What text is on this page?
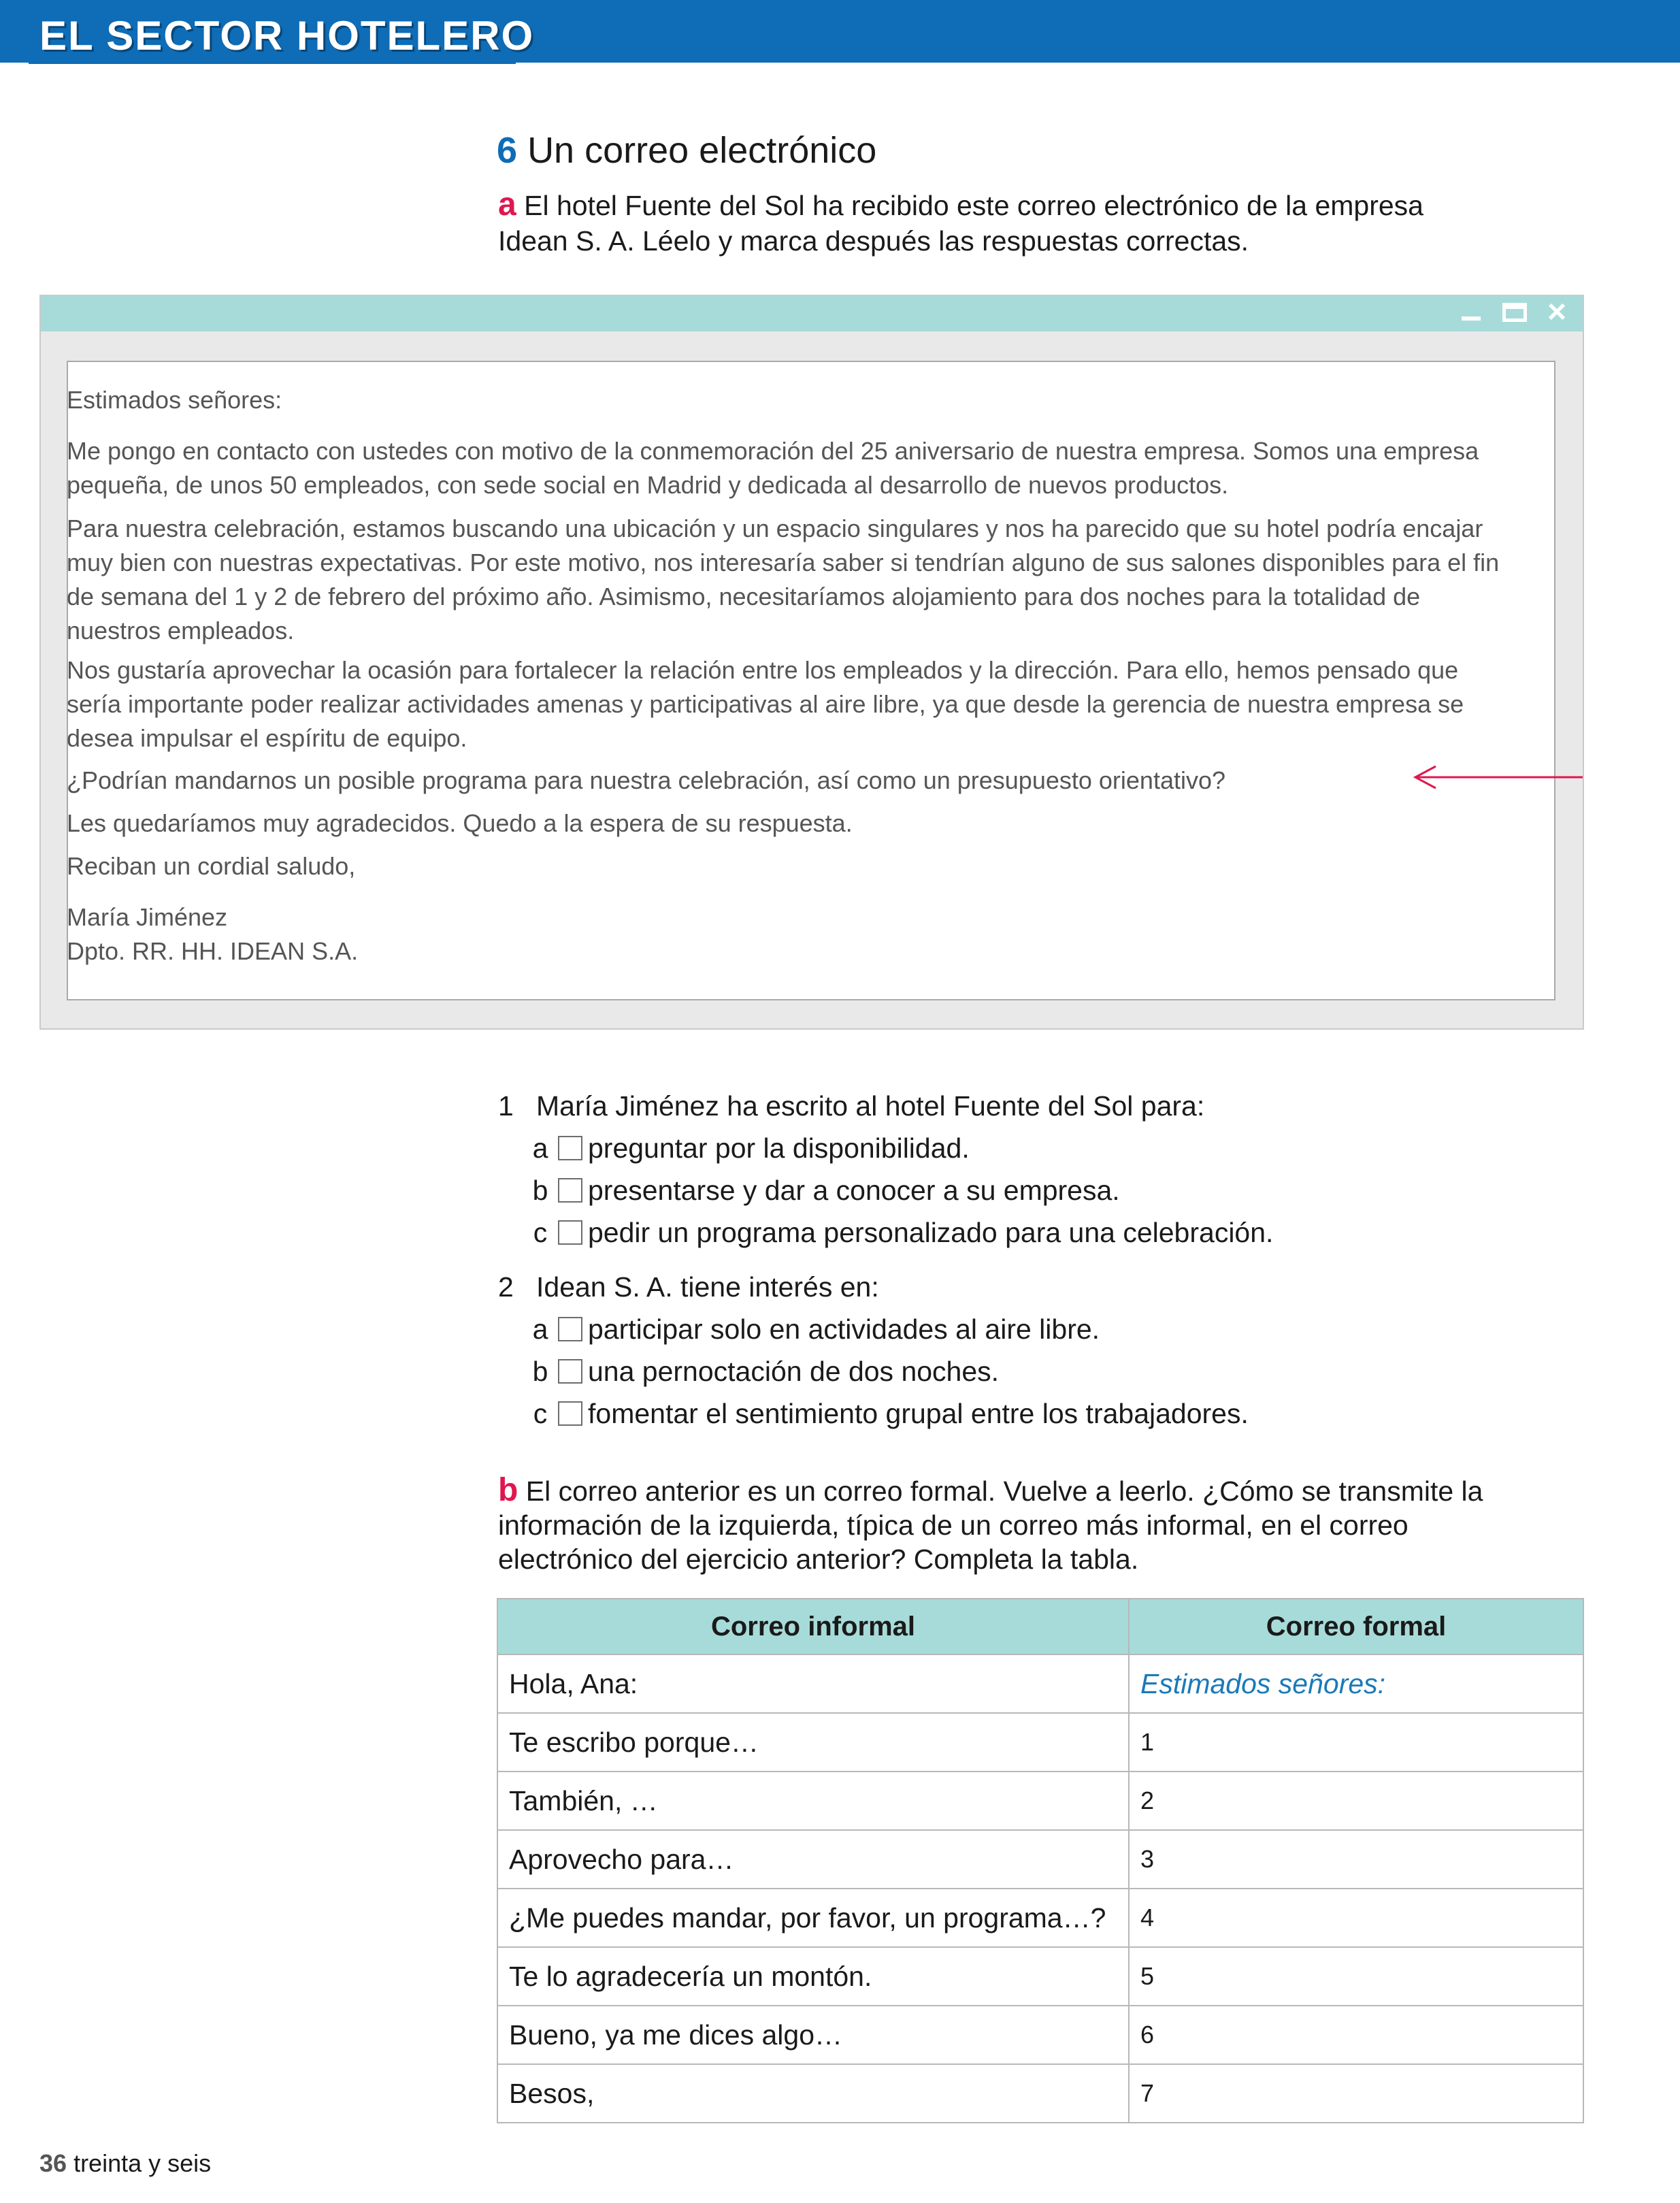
EL SECTOR HOTELERO
6 Un correo electrónico
a El hotel Fuente del Sol ha recibido este correo electrónico de la empresa Idean S. A. Léelo y marca después las respuestas correctas.
×

Estimados señores:

Me pongo en contacto con ustedes con motivo de la conmemoración del 25 aniversario de nuestra empresa. Somos una empresa pequeña, de unos 50 empleados, con sede social en Madrid y dedicada al desarrollo de nuevos productos.

Para nuestra celebración, estamos buscando una ubicación y un espacio singulares y nos ha parecido que su hotel podría encajar muy bien con nuestras expectativas. Por este motivo, nos interesaría saber si tendrían alguno de sus salones disponibles para el fin de semana del 1 y 2 de febrero del próximo año. Asimismo, necesitaríamos alojamiento para dos noches para la totalidad de nuestros empleados.

Nos gustaría aprovechar la ocasión para fortalecer la relación entre los empleados y la dirección. Para ello, hemos pensado que sería importante poder realizar actividades amenas y participativas al aire libre, ya que desde la gerencia de nuestra empresa se desea impulsar el espíritu de equipo.

¿Podrían mandarnos un posible programa para nuestra celebración, así como un presupuesto orientativo?

Les quedaríamos muy agradecidos. Quedo a la espera de su respuesta.

Reciban un cordial saludo,

María Jiménez

Dpto. RR. HH. IDEAN S.A.

1 María Jiménez ha escrito al hotel Fuente del Sol para:
a preguntar por la disponibilidad.
b presentarse y dar a conocer a su empresa.
c pedir un programa personalizado para una celebración.
2 Idean S. A. tiene interés en:
a participar solo en actividades al aire libre.
b una pernoctación de dos noches.
c fomentar el sentimiento grupal entre los trabajadores.
b El correo anterior es un correo formal. Vuelve a leerlo. ¿Cómo se transmite la información de la izquierda, típica de un correo más informal, en el correo electrónico del ejercicio anterior? Completa la tabla.
Correo informal	Correo formal
Hola, Ana:	Estimados señores:
Te escribo porque…	1
También, …	2
Aprovecho para…	3
¿Me puedes mandar, por favor, un programa…?	4
Te lo agradecería un montón.	5
Bueno, ya me dices algo…	6
Besos,	7
36 treinta y seis
